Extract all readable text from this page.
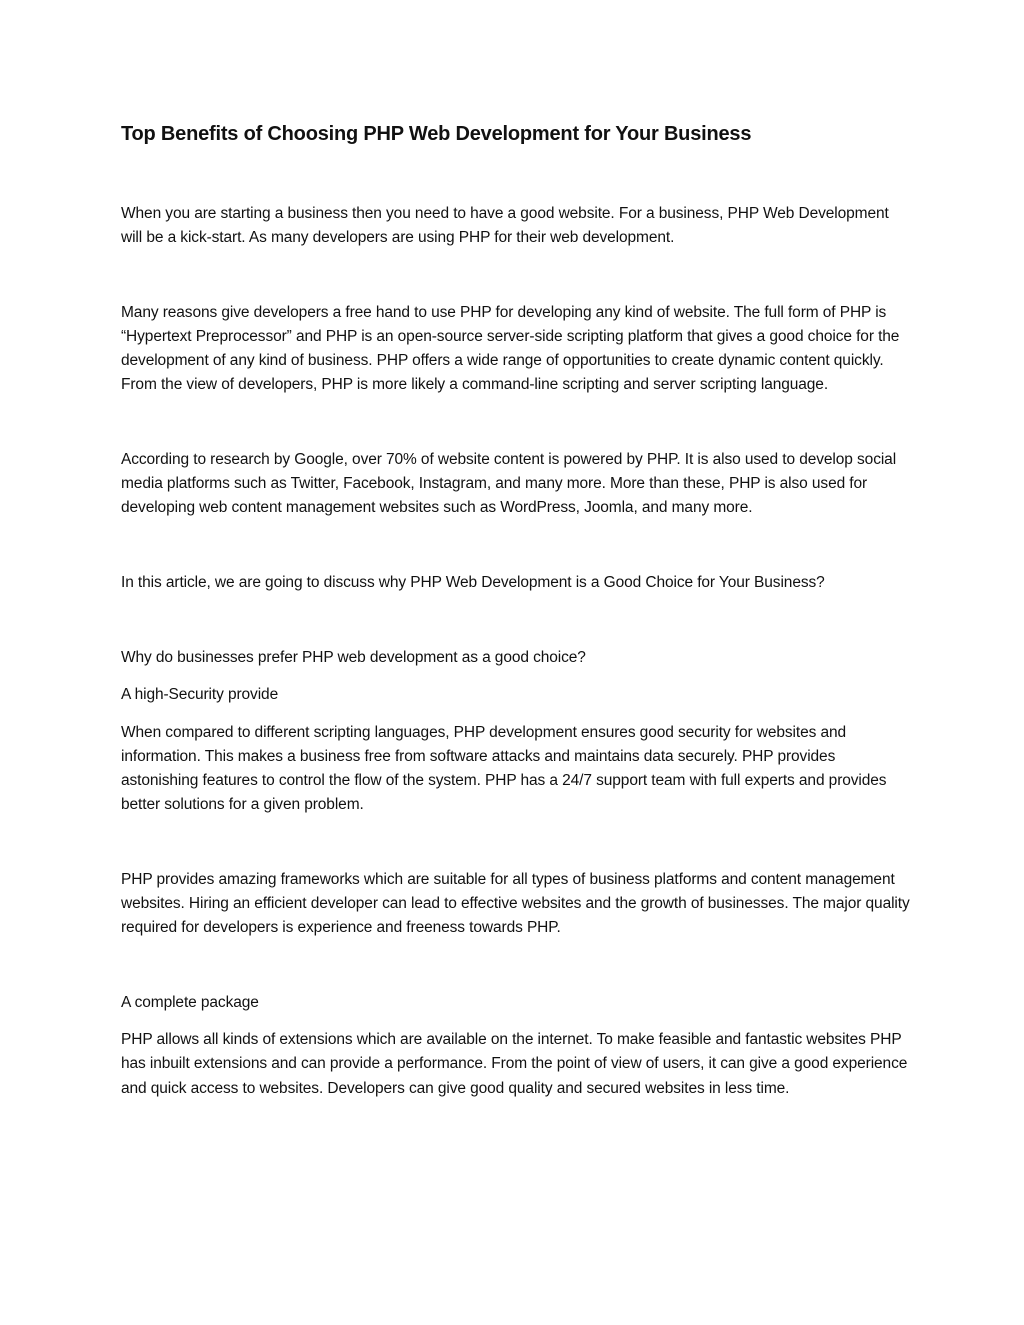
Top Benefits of Choosing PHP Web Development for Your Business

When you are starting a business then you need to have a good website. For a business, PHP Web Development will be a kick-start. As many developers are using PHP for their web development.

Many reasons give developers a free hand to use PHP for developing any kind of website. The full form of PHP is “Hypertext Preprocessor” and PHP is an open-source server-side scripting platform that gives a good choice for the development of any kind of business. PHP offers a wide range of opportunities to create dynamic content quickly. From the view of developers, PHP is more likely a command-line scripting and server scripting language.

According to research by Google, over 70% of website content is powered by PHP. It is also used to develop social media platforms such as Twitter, Facebook, Instagram, and many more. More than these, PHP is also used for developing web content management websites such as WordPress, Joomla, and many more.

In this article, we are going to discuss why PHP Web Development is a Good Choice for Your Business?

Why do businesses prefer PHP web development as a good choice?

A high-Security provide

When compared to different scripting languages, PHP development ensures good security for websites and information. This makes a business free from software attacks and maintains data securely. PHP provides astonishing features to control the flow of the system. PHP has a 24/7 support team with full experts and provides better solutions for a given problem.

PHP provides amazing frameworks which are suitable for all types of business platforms and content management websites. Hiring an efficient developer can lead to effective websites and the growth of businesses. The major quality required for developers is experience and freeness towards PHP.

A complete package

PHP allows all kinds of extensions which are available on the internet. To make feasible and fantastic websites PHP has inbuilt extensions and can provide a performance. From the point of view of users, it can give a good experience and quick access to websites. Developers can give good quality and secured websites in less time.
